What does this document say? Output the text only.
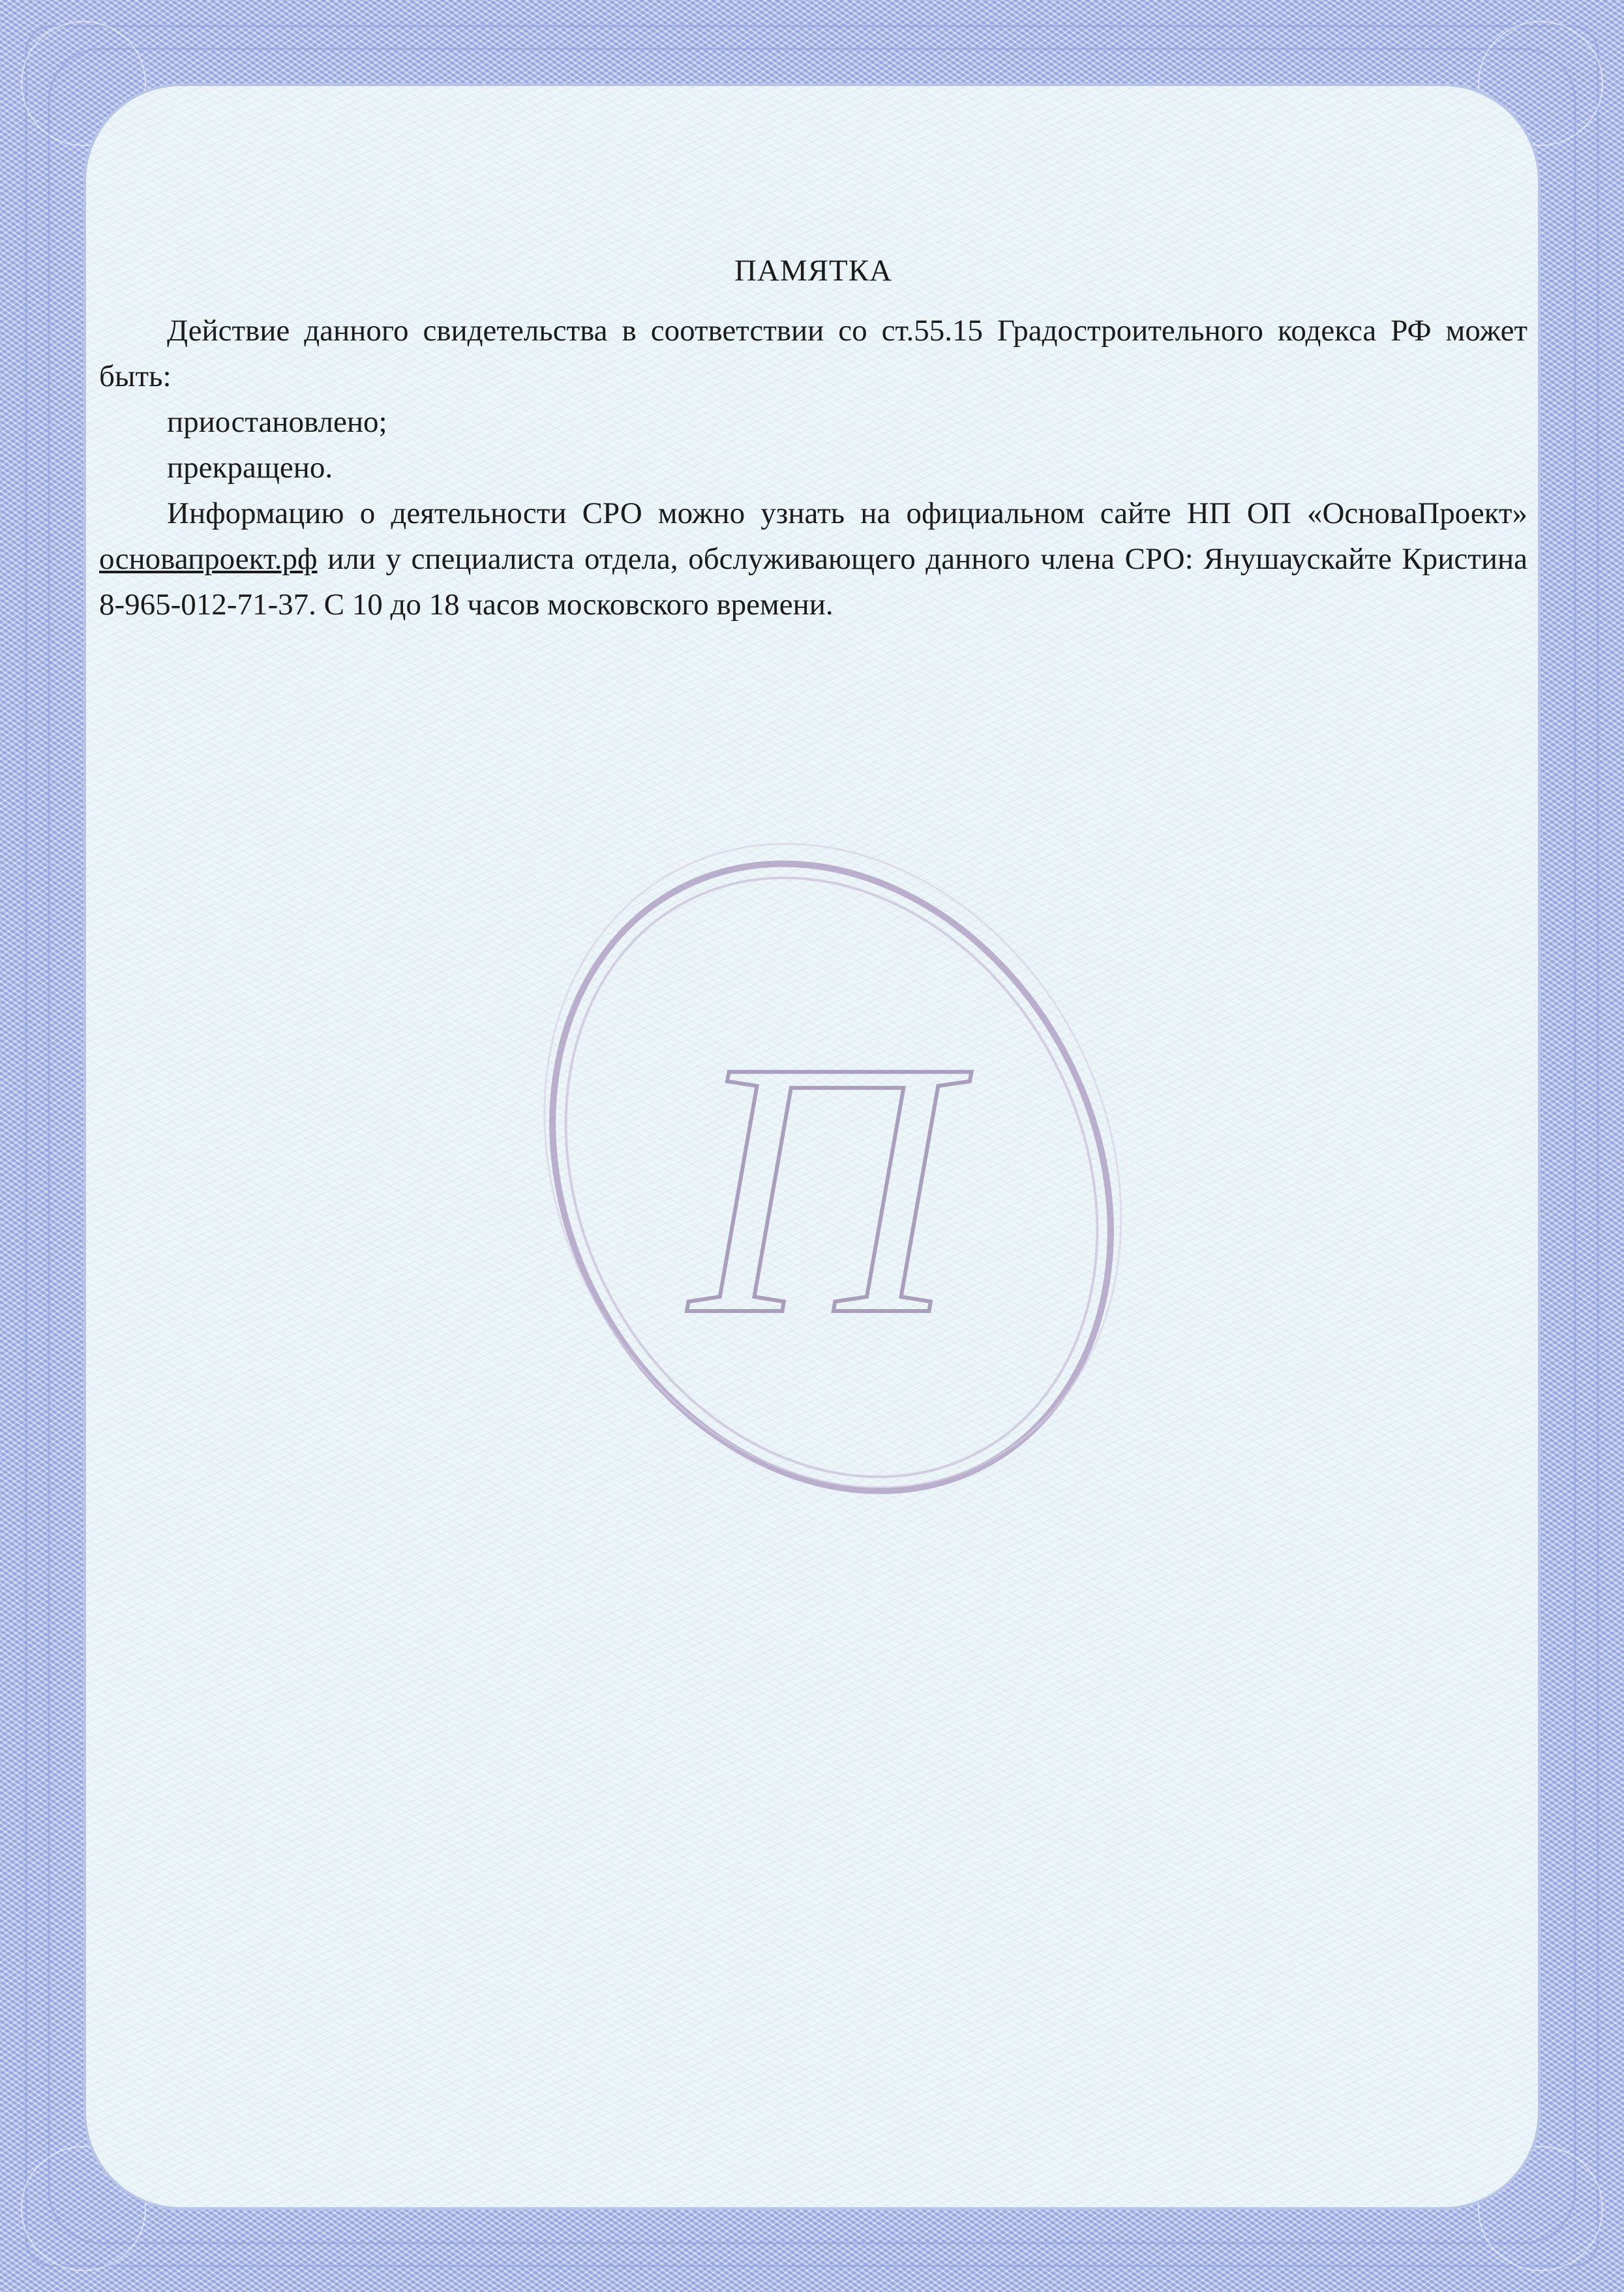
ПАМЯТКА

Действие данного свидетельства в соответствии со ст.55.15 Градостроительного кодекса РФ может быть:

приостановлено;

прекращено.

Информацию о деятельности СРО можно узнать на официальном сайте НП ОП «ОсноваПроект» основапроект.рф или у специалиста отдела, обслуживающего данного члена СРО: Янушаускайте Кристина 8-965-012-71-37. С 10 до 18 часов московского времени.

П
